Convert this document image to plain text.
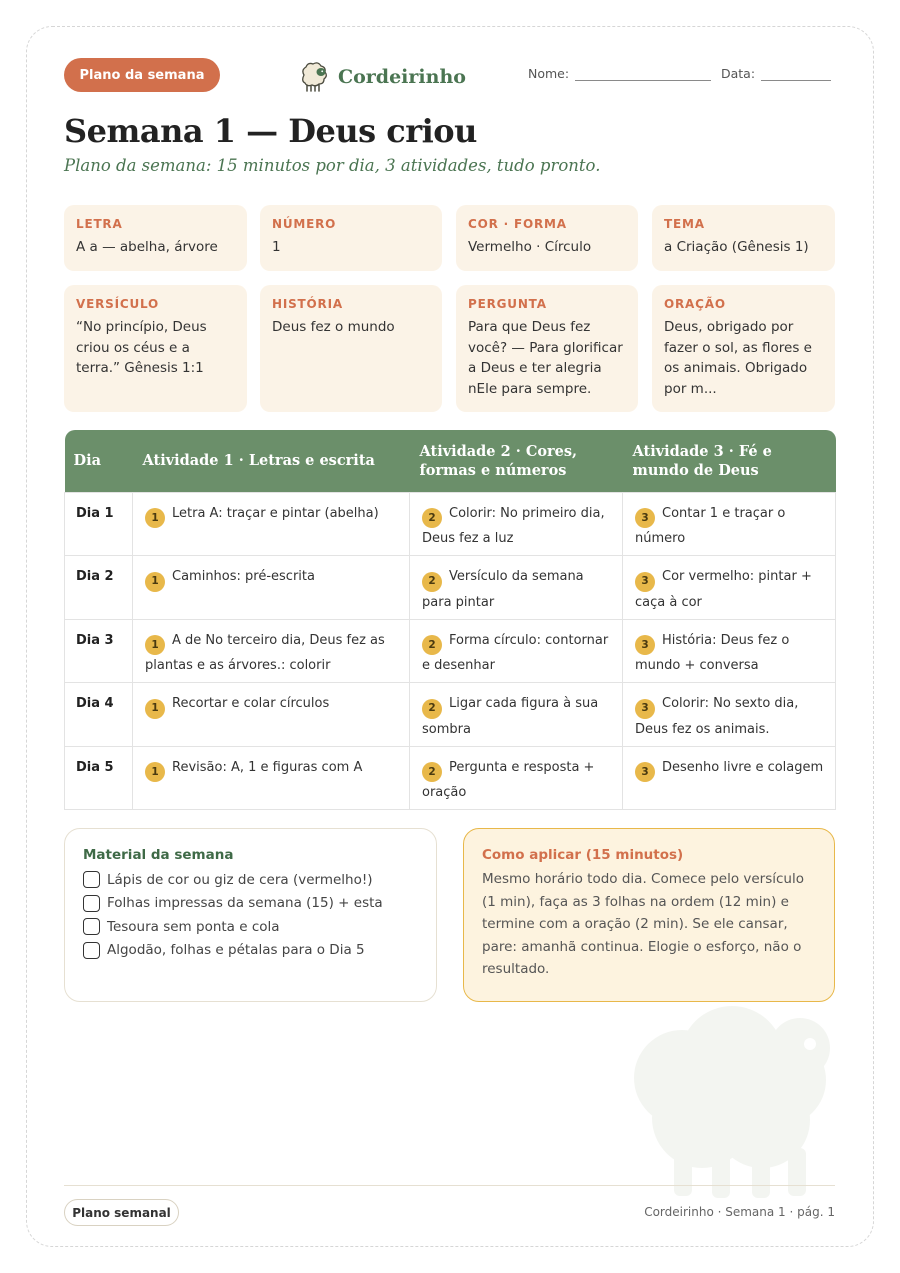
Plano da semana	Cordeirinho	Nome:	Data:
Semana 1 — Deus criou
Plano da semana: 15 minutos por dia, 3 atividades, tudo pronto.
LETRA
A a — abelha, árvore
NÚMERO
1
COR · FORMA
Vermelho · Círculo
TEMA
a Criação (Gênesis 1)
VERSÍCULO
“No princípio, Deus criou os céus e a terra.” Gênesis 1:1
HISTÓRIA
Deus fez o mundo
PERGUNTA
Para que Deus fez você? — Para glorificar a Deus e ter alegria nEle para sempre.
ORAÇÃO
Deus, obrigado por fazer o sol, as flores e os animais. Obrigado por m...
Dia	Atividade 1 · Letras e escrita	Atividade 2 · Cores, formas e números	Atividade 3 · Fé e mundo de Deus
Dia 1	1 Letra A: traçar e pintar (abelha)	2 Colorir: No primeiro dia, Deus fez a luz	3 Contar 1 e traçar o número
Dia 2	1 Caminhos: pré-escrita	2 Versículo da semana para pintar	3 Cor vermelho: pintar + caça à cor
Dia 3	1 A de No terceiro dia, Deus fez as plantas e as árvores.: colorir	2 Forma círculo: contornar e desenhar	3 História: Deus fez o mundo + conversa
Dia 4	1 Recortar e colar círculos	2 Ligar cada figura à sua sombra	3 Colorir: No sexto dia, Deus fez os animais.
Dia 5	1 Revisão: A, 1 e figuras com A	2 Pergunta e resposta + oração	3 Desenho livre e colagem
Material da semana
Lápis de cor ou giz de cera (vermelho!)
Folhas impressas da semana (15) + esta
Tesoura sem ponta e cola
Algodão, folhas e pétalas para o Dia 5
Como aplicar (15 minutos)
Mesmo horário todo dia. Comece pelo versículo (1 min), faça as 3 folhas na ordem (12 min) e termine com a oração (2 min). Se ele cansar, pare: amanhã continua. Elogie o esforço, não o resultado.
Plano semanal	Cordeirinho · Semana 1 · pág. 1
